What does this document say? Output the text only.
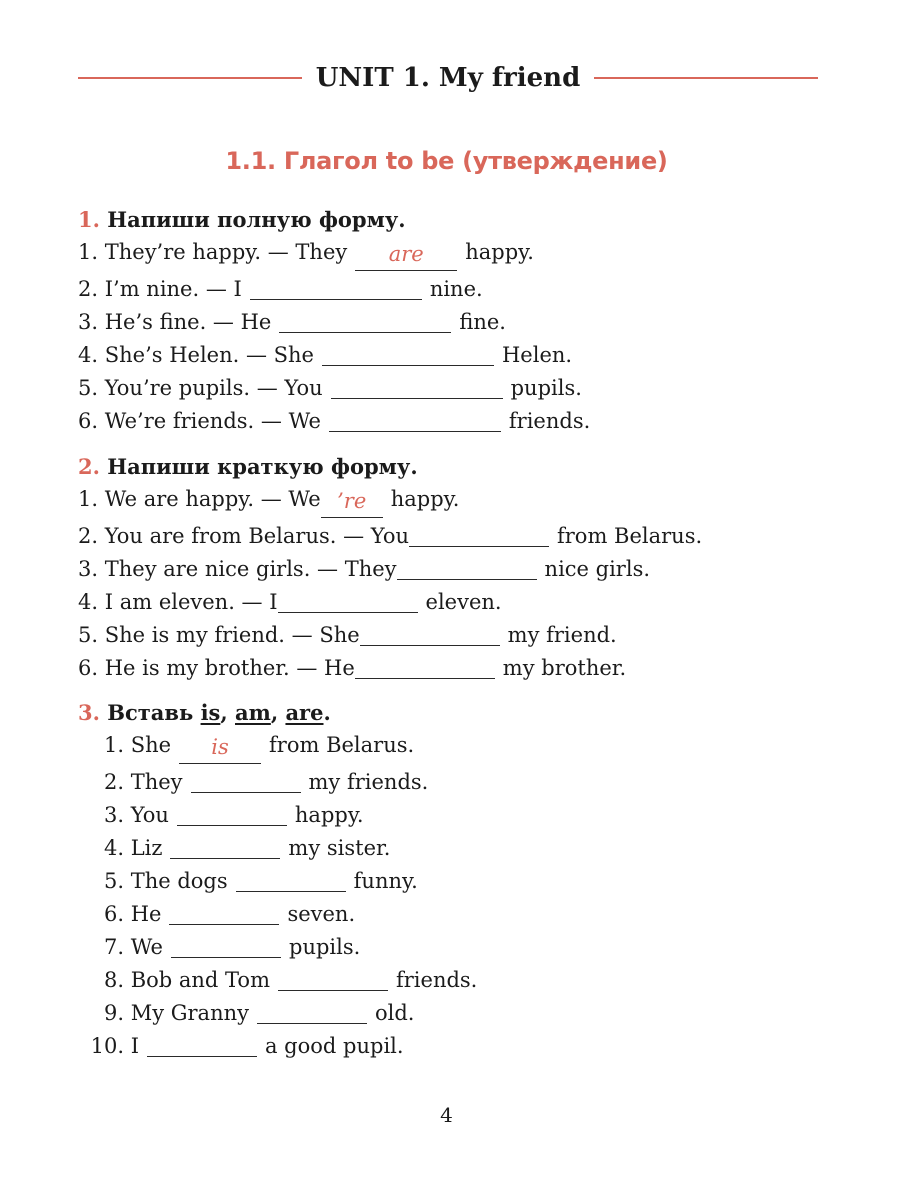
UNIT 1. My friend
1.1. Глагол to be (утверждение)
1. Напиши полную форму.
1.
They’re happy. — They	are	happy.
2.
I’m nine. — I	nine.
3.
He’s fine. — He	fine.
4.
She’s Helen. — She	Helen.
5.
You’re pupils. — You	pupils.
6.
We’re friends. — We	friends.
2. Напиши краткую форму.
1.
We are happy. — We ’re	happy.
2.
You are from Belarus. — You	from Belarus.
3.
They are nice girls. — They	nice girls.
4.
I am eleven. — I	eleven.
5.
She is my friend. — She	my friend.
6.
He is my brother. — He	my brother.
3. Вставь is, am, are.
1.
She	is	from Belarus.
2.
They	my friends.
3.
You	happy.
4.
Liz	my sister.
5.
The dogs	funny.
6.
He	seven.
7.
We	pupils.
8.
Bob and Tom	friends.
9.
My Granny	old.
10.
I	a good pupil.
4
